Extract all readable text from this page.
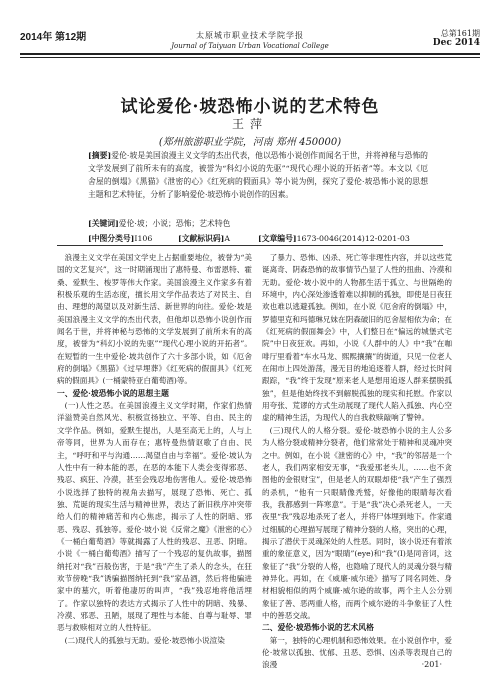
2014年 第12期	太原城市职业技术学院学报
Journal of Taiyuan Urban Vocational College
总第161期
Dec 2014
试论爱伦·坡恐怖小说的艺术特色
王萍
(郑州旅游职业学院，河南 郑州 450000)
[摘要]爱伦·坡是美国浪漫主义文学的杰出代表，他以恐怖小说创作而闻名于世，并将神秘与恐怖的文学发展到了前所未有的高度，被誉为“科幻小说的先驱”“现代心理小说的开拓者”等。本文以《厄舍屋的倒塌》《黑猫》《泄密的心》《红死病的假面具》等小说为例，探究了爱伦·坡恐怖小说的思想主题和艺术特征，分析了影响爱伦·坡恐怖小说创作的因素。
[关键词]爱伦·坡；小说；恐怖；艺术特色
[中图分类号]I106	[文献标识码]A	[文章编号]1673-0046(2014)12-0201-03

浪漫主义文学在美国文学史上占据重要地位，被誉为“美国的文艺复兴”，这一时期涌现出了惠特曼、布雷恩特、霍桑、爱默生、梭罗等伟大作家。美国浪漫主义作家多有着积极乐观的生活态度，擅长用文学作品表达了对民主、自由、理想的渴望以及对新生活、新世界的向往。爱伦·坡是美国浪漫主义文学的杰出代表，但他却以恐怖小说创作而闻名于世，并将神秘与恐怖的文学发展到了前所未有的高度，被誉为“科幻小说的先驱”“现代心理小说的开拓者”。在短暂的一生中爱伦·坡共创作了六十多部小说，如《厄舍府的倒塌》《黑猫》《过早埋葬》《红死病的假面具》《红死病的假面具》(一桶蒙特亚白葡萄酒)等。

一、爱伦·坡恐怖小说的思想主题

(一)人性之恶。在美国浪漫主义文学时期，作家们热情洋溢赞美自然风光、积极宣扬独立、平等、自由、民主的文学作品。例如，爱默生提出，人是至高无上的，人与上帝等同，世界为人而存在；惠特曼热情讴歌了自由、民主，“呼吁和平与沟通……渴望自由与幸福”。爱伦·坡认为人性中有一种本能的恶，在恶的本能下人类会变得邪恶、残忍、疯狂、冷漠，甚至会残忍地伤害他人。爱伦·坡恐怖小说选择了独特的视角去描写，展现了恐怖、死亡、孤独、荒诞的现实生活与精神世界，表达了新旧秩序冲突带给人们的精神痛苦和内心焦虑，揭示了人性的阴暗、邪恶、残忍、孤独等。爱伦·坡小说《反常之魔》《泄密的心》《一桶白葡萄酒》等就揭露了人性的残忍、丑恶、阴暗。小说《一桶白葡萄酒》描写了一个残忍的复仇故事，描图纳托对“我”百般伤害，于是“我”产生了杀人的念头，在狂欢节傍晚“我”诱骗描图纳托到“我”家品酒，然后将他骗进家中的墓穴，听着他凄厉的叫声，“我”残忍地将他活埋了。作家以独特的表达方式揭示了人性中的阴暗、残暴、冷漠、邪恶、丑陋，展现了理性与本能、自尊与耻辱、罪恶与救赎相对立的人性特征。

(二)现代人的孤独与无助。爱伦·坡恐怖小说渲染

了暴力、恐怖、凶杀、死亡等非理性内容，并以这些荒诞离奇、阴森恐怖的故事情节凸显了人性的扭曲、冷漠和无助。爱伦·坡小说中的人物都生活于孤立、与世隔绝的环境中，内心深处渗透着难以抑制的孤独，即使是日夜狂欢也难以逃避孤独。例如，在小说《厄舍府的倒塌》中，罗德里克和玛德琳兄妹在阴森破旧的厄舍屋相依为命；在《红死病的假面舞会》中，人们整日在“偏远的城堡式宅院”中日夜狂欢。再如，小说《人群中的人》中“我”在咖啡厅里看着“车水马龙、熙熙攘攘”的街道，只见一位老人在闹市上四处游荡，漫无目的地追逐着人群，经过长时间跟踪，“我”终于发现“原来老人是想用追逐人群来摆脱孤独”，但是他始终找不到解脱孤独的现实和托慰。作家以用夸张、荒谬的方式生动展现了现代人陷入孤独、内心空虚的精神生活，为现代人的自我救赎敲响了警钟。

(三)现代人的人格分裂。爱伦·坡恐怖小说的主人公多为人格分裂或精神分裂者，他们常常处于精神和灵魂冲突之中。例如，在小说《泄密的心》中，“我”的邻居是一个老人，我们两家相安无事，“我爱那老头儿，……也不贪图他的金银财宝”，但是老人的双眼却使“我”产生了强烈的杀机，“他有一只眼睛像秃鹫，好像他的眼睛每次看我，我都感到一阵寒意”。于是“我”决心杀死老人，一天夜里“我”残忍地杀死了老人，并将尸体埋到地下。作家通过细腻的心理描写展现了精神分裂的人格，突出的心理，揭示了潜伏于灵魂深处的人性恶。同时，该小说还有着浓重的象征意义，因为“眼睛”(eye)和“我”(I)是同音词，这象征了“我”分裂的人格，也隐喻了现代人的灵魂分裂与精神异化。再如，在《威廉·威尔逊》描写了同名同姓、身材相貌相似的两个威廉·威尔逊的故事，两个主人公分别象征了善、恶两重人格，而两个威尔逊的斗争象征了人性中的善恶交战。

二、爱伦·坡恐怖小说的艺术风格

第一，独特的心理机制和恐怖效果。在小说创作中，爱伦·坡常以孤独、忧郁、丑恶、恐惧、凶杀等表现自己的浪漫	·201·
